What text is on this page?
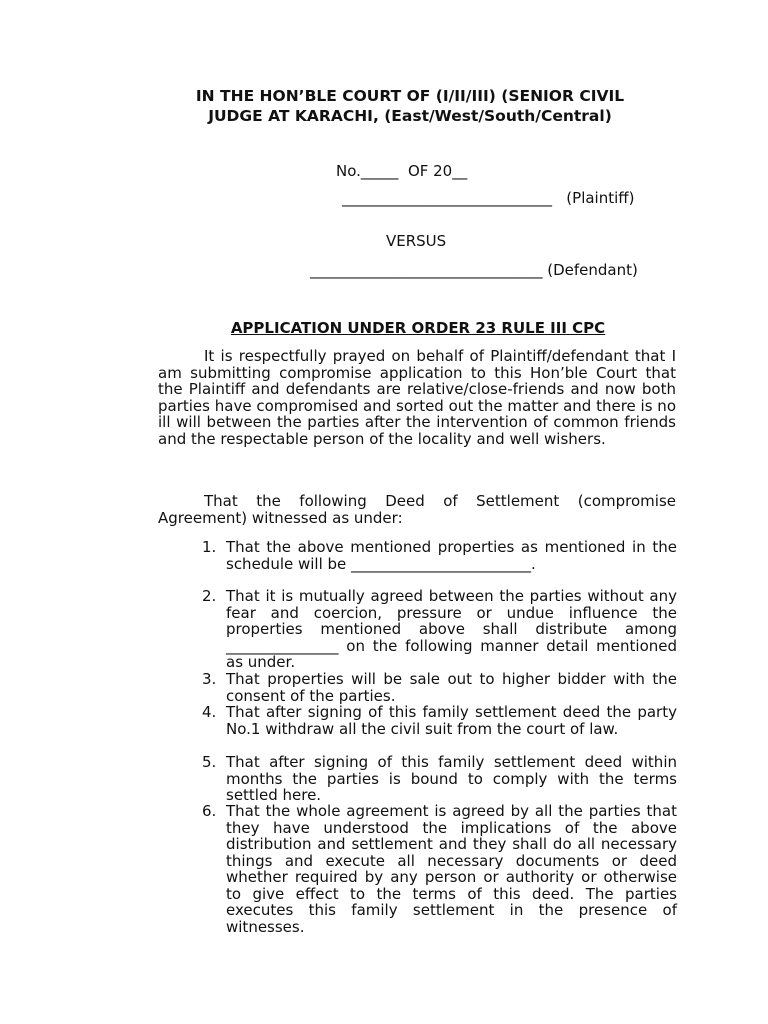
IN THE HON’BLE COURT OF (I/II/III) (SENIOR CIVIL
JUDGE AT KARACHI, (East/West/South/Central)
No._____  OF 20__
____________________________   (Plaintiff)
VERSUS
_______________________________ (Defendant)
APPLICATION UNDER ORDER 23 RULE III CPC
It is respectfully prayed on behalf of Plaintiff/defendant that I am submitting compromise application to this Hon’ble Court that the Plaintiff and defendants are relative/close-friends and now both parties have compromised and sorted out the matter and there is no ill will between the parties after the intervention of common friends and the respectable person of the locality and well wishers.
That the following Deed of Settlement (compromise Agreement) witnessed as under:
1. That the above mentioned properties as mentioned in the schedule will be ________________________.
2. That it is mutually agreed between the parties without any fear and coercion, pressure or undue influence the properties mentioned above shall distribute among _______________ on the following manner detail mentioned as under.
3. That properties will be sale out to higher bidder with the consent of the parties.
4. That after signing of this family settlement deed the party No.1 withdraw all the civil suit from the court of law.
5. That after signing of this family settlement deed within months the parties is bound to comply with the terms settled here.
6. That the whole agreement is agreed by all the parties that they have understood the implications of the above distribution and settlement and they shall do all necessary things and execute all necessary documents or deed whether required by any person or authority or otherwise to give effect to the terms of this deed. The parties executes this family settlement in the presence of witnesses.
